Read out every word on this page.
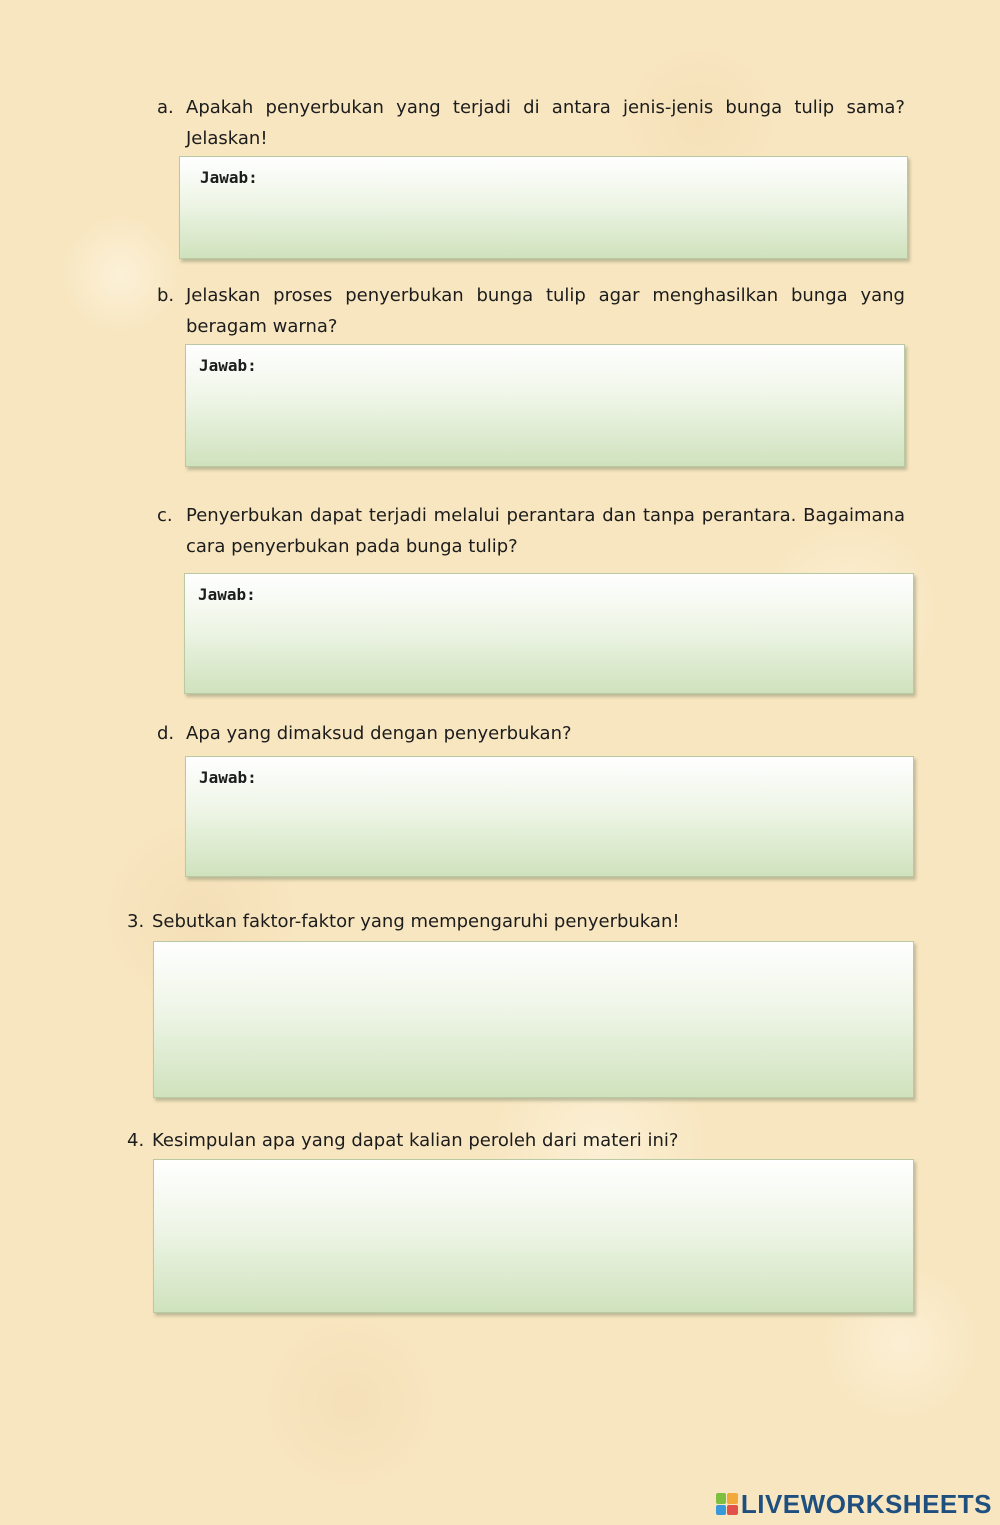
a. Apakah penyerbukan yang terjadi di antara jenis-jenis bunga tulip sama? Jelaskan!
Jawab:
b. Jelaskan proses penyerbukan bunga tulip agar menghasilkan bunga yang beragam warna?
Jawab:
c. Penyerbukan dapat terjadi melalui perantara dan tanpa perantara. Bagaimana cara penyerbukan pada bunga tulip?
Jawab:
d. Apa yang dimaksud dengan penyerbukan?
Jawab:
3. Sebutkan faktor-faktor yang mempengaruhi penyerbukan!
4. Kesimpulan apa yang dapat kalian peroleh dari materi ini?
LIVEWORKSHEETS
